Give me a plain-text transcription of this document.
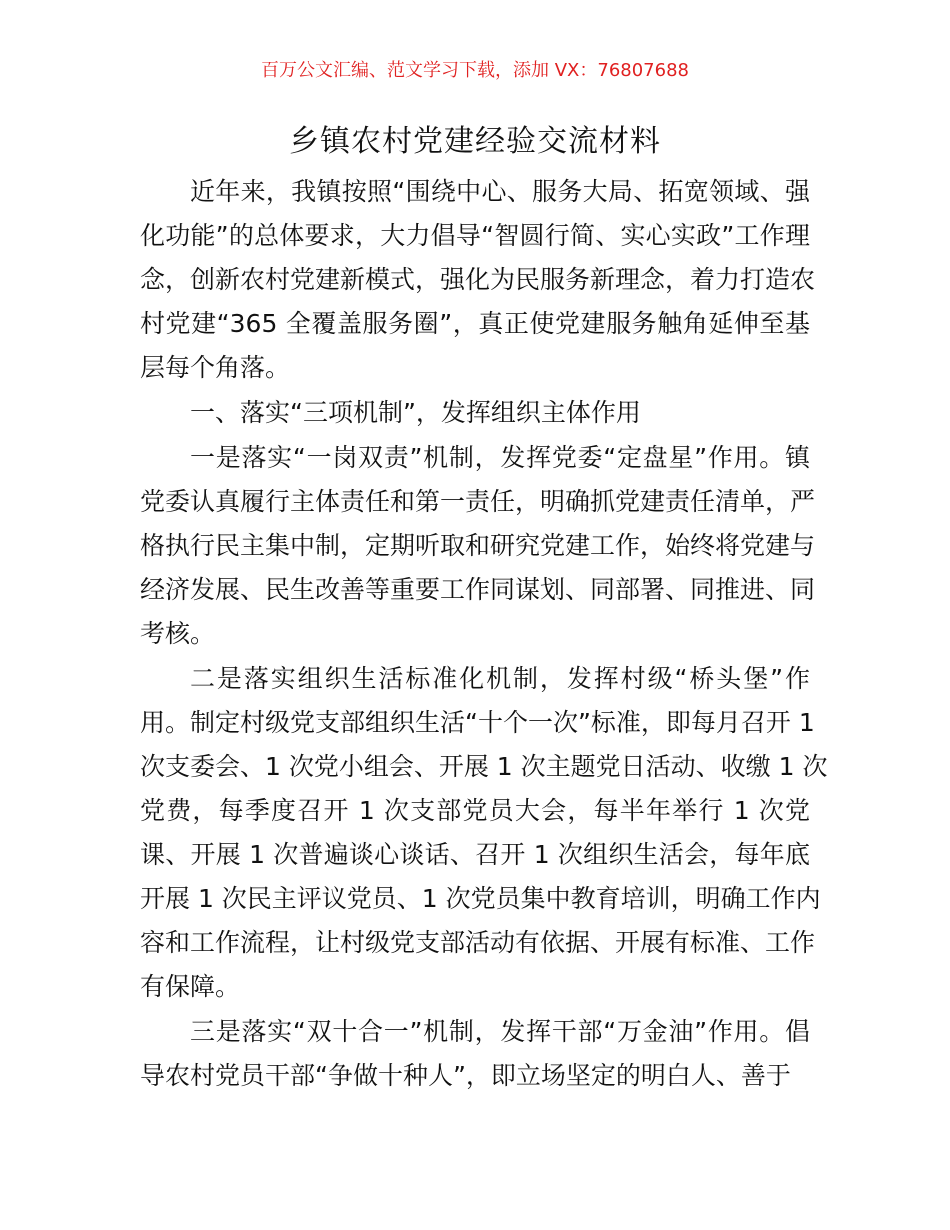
百万公文汇编、范文学习下载，添加 VX：76807688
乡镇农村党建经验交流材料
近年来，我镇按照“围绕中心、服务大局、拓宽领域、强
化功能”的总体要求，大力倡导“智圆行简、实心实政”工作理
念，创新农村党建新模式，强化为民服务新理念，着力打造农
村党建“365 全覆盖服务圈”，真正使党建服务触角延伸至基
层每个角落。
一、落实“三项机制”，发挥组织主体作用
一是落实“一岗双责”机制，发挥党委“定盘星”作用。镇
党委认真履行主体责任和第一责任，明确抓党建责任清单，严
格执行民主集中制，定期听取和研究党建工作，始终将党建与
经济发展、民生改善等重要工作同谋划、同部署、同推进、同
考核。
二是落实组织生活标准化机制，发挥村级“桥头堡”作
用。制定村级党支部组织生活“十个一次”标准，即每月召开 1
次支委会、1 次党小组会、开展 1 次主题党日活动、收缴 1 次
党费，每季度召开 1 次支部党员大会，每半年举行 1 次党
课、开展 1 次普遍谈心谈话、召开 1 次组织生活会，每年底
开展 1 次民主评议党员、1 次党员集中教育培训，明确工作内
容和工作流程，让村级党支部活动有依据、开展有标准、工作
有保障。
三是落实“双十合一”机制，发挥干部“万金油”作用。倡
导农村党员干部“争做十种人”，即立场坚定的明白人、善于
